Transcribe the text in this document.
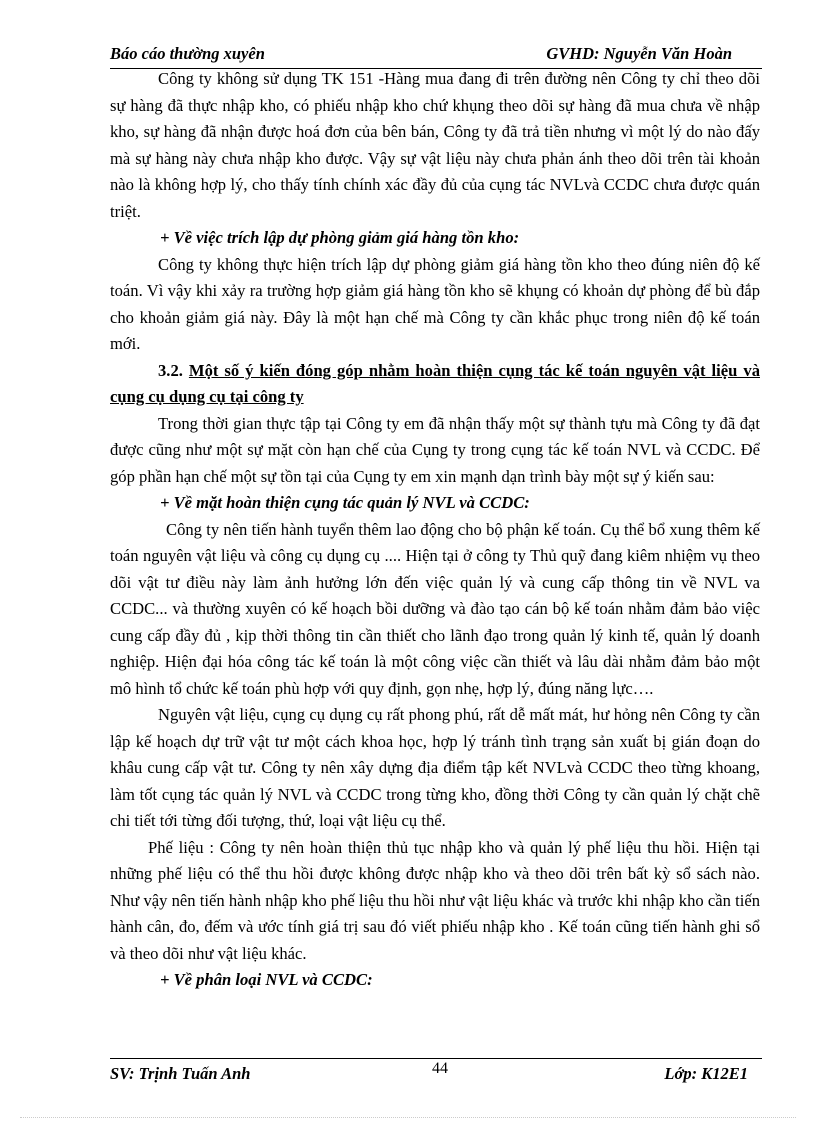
Báo cáo thường xuyên	GVHD: Nguyễn Văn Hoàn

Công ty không sử dụng TK 151 -Hàng mua đang đi trên đường nên Công ty chỉ theo dõi sự hàng đã thực nhập kho, có phiếu nhập kho chứ khụng theo dõi sự hàng đã mua chưa về nhập kho, sự hàng đã nhận được hoá đơn của bên bán, Công ty đã trả tiền nhưng vì một lý do nào đấy mà sự hàng này chưa nhập kho được. Vậy sự vật liệu này chưa phản ánh theo dõi trên tài khoản nào là không hợp lý, cho thấy tính chính xác đầy đủ của cụng tác NVLvà CCDC chưa được quán triệt.

+ Về việc trích lập dự phòng giảm giá hàng tồn kho:

Công ty không thực hiện trích lập dự phòng giảm giá hàng tồn kho theo đúng niên độ kế toán. Vì vậy khi xảy ra trường hợp giảm giá hàng tồn kho sẽ khụng có khoản dự phòng để bù đắp cho khoản giảm giá này. Đây là một hạn chế mà Công ty cần khắc phục trong niên độ kế toán mới.

3.2. Một số ý kiến đóng góp nhằm hoàn thiện cụng tác kế toán nguyên vật liệu và cụng cụ dụng cụ tại công ty

Trong thời gian thực tập tại Công ty em đã nhận thấy một sự thành tựu mà Công ty đã đạt được cũng như một sự mặt còn hạn chế của Cụng ty trong cụng tác kế toán NVL và CCDC. Để góp phần hạn chế một sự tồn tại của Cụng ty em xin mạnh dạn trình bày một sự ý kiến sau:

+ Về mặt hoàn thiện cụng tác quản lý NVL và CCDC:

Công ty nên tiến hành tuyển thêm lao động cho bộ phận kế toán. Cụ thể bổ xung thêm kế toán nguyên vật liệu và công cụ dụng cụ .... Hiện tại ở công ty Thủ quỹ đang kiêm nhiệm vụ theo dõi vật tư điều này làm ảnh hưởng lớn đến việc quản lý và cung cấp thông tin về NVL va CCDC... và thường xuyên có kế hoạch bồi dưỡng và đào tạo cán bộ kế toán nhằm đảm bảo việc cung cấp đầy đủ , kịp thời thông tin cần thiết cho lãnh đạo trong quản lý kinh tế, quản lý doanh nghiệp. Hiện đại hóa công tác kế toán là một công việc cần thiết và lâu dài nhằm đảm bảo một mô hình tổ chức kế toán phù hợp với quy định, gọn nhẹ, hợp lý, đúng năng lực….

Nguyên vật liệu, cụng cụ dụng cụ rất phong phú, rất dễ mất mát, hư hỏng nên Công ty cần lập kế hoạch dự trữ vật tư một cách khoa học, hợp lý tránh tình trạng sản xuất bị gián đoạn do khâu cung cấp vật tư. Công ty nên xây dựng địa điểm tập kết NVLvà CCDC theo từng khoang, làm tốt cụng tác quản lý NVL và CCDC trong từng kho, đồng thời Công ty cần quản lý chặt chẽ chi tiết tới từng đối tượng, thứ, loại vật liệu cụ thể.

Phế liệu : Công ty nên hoàn thiện thủ tục nhập kho và quản lý phế liệu thu hồi. Hiện tại những phế liệu có thể thu hồi được không được nhập kho và theo dõi trên bất kỳ sổ sách nào. Như vậy nên tiến hành nhập kho phế liệu thu hồi như vật liệu khác và trước khi nhập kho cần tiến hành cân, đo, đếm và ước tính giá trị sau đó viết phiếu nhập kho . Kế toán cũng tiến hành ghi sổ và theo dõi như vật liệu khác.

+ Về phân loại NVL và CCDC:

SV: Trịnh Tuấn Anh	44	Lớp: K12E1
